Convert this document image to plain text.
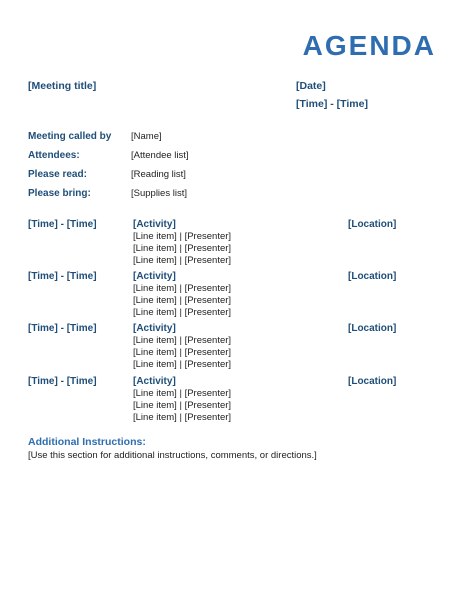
AGENDA
[Meeting title]	[Date]
[Time] - [Time]
Meeting called by [Name]
Attendees:	[Attendee list]
Please read:	[Reading list]
Please bring:	[Supplies list]
[Time] - [Time]	[Activity]	[Location]
[Line item] | [Presenter]
[Line item] | [Presenter]
[Line item] | [Presenter]
[Time] - [Time]	[Activity]	[Location]
[Line item] | [Presenter]
[Line item] | [Presenter]
[Line item] | [Presenter]
[Time] - [Time]	[Activity]	[Location]
[Line item] | [Presenter]
[Line item] | [Presenter]
[Line item] | [Presenter]
[Time] - [Time]	[Activity]	[Location]
[Line item] | [Presenter]
[Line item] | [Presenter]
[Line item] | [Presenter]
Additional Instructions:
[Use this section for additional instructions, comments, or directions.]
